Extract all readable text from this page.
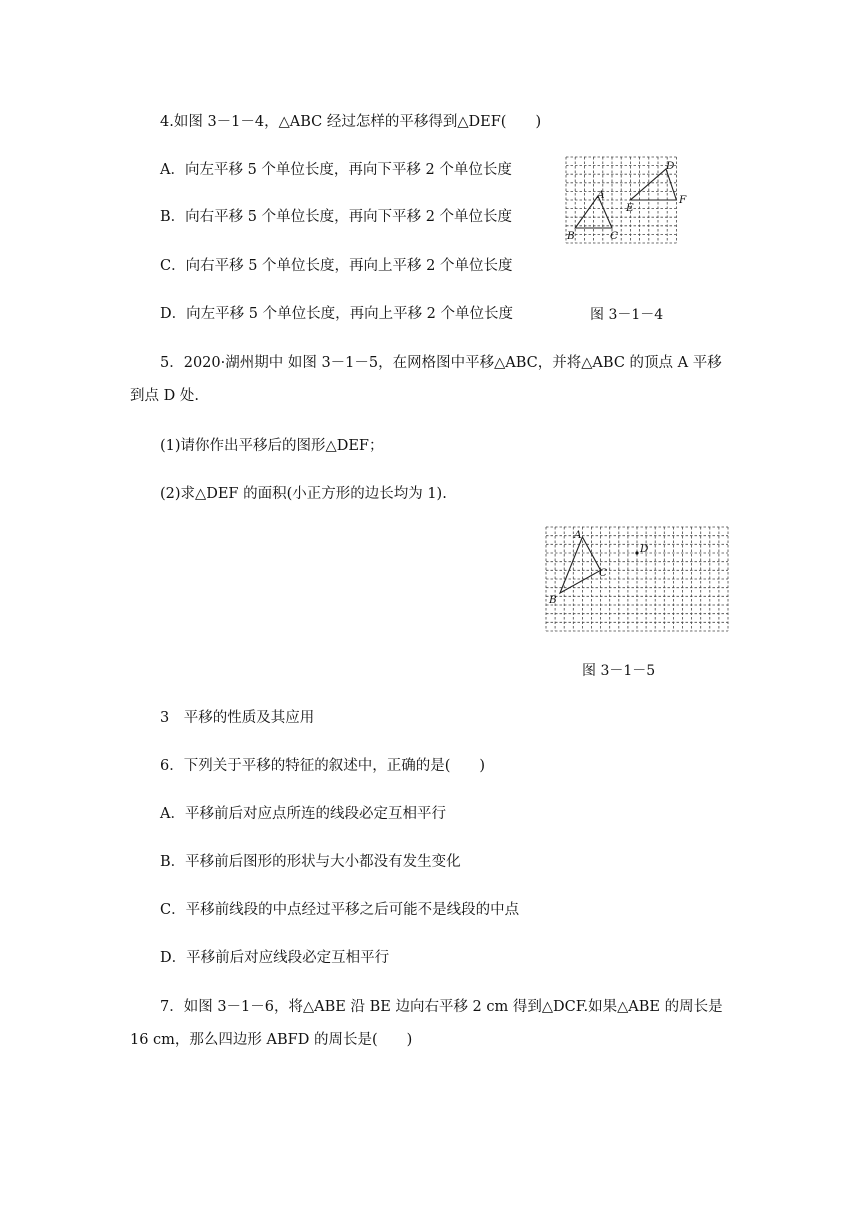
4.如图 3－1－4，△ABC 经过怎样的平移得到△DEF(　　)
A．向左平移 5 个单位长度，再向下平移 2 个单位长度
B．向右平移 5 个单位长度，再向下平移 2 个单位长度
C．向右平移 5 个单位长度，再向上平移 2 个单位长度
D．向左平移 5 个单位长度，再向上平移 2 个单位长度
A
B	C
D
E
F
图 3－1－4
5．2020·湖州期中 如图 3－1－5，在网格图中平移△ABC，并将△ABC 的顶点 A 平移
到点 D 处.
(1)请你作出平移后的图形△DEF；
(2)求△DEF 的面积(小正方形的边长均为 1).
A
B
C
D
图 3－1－5
3　平移的性质及其应用
6．下列关于平移的特征的叙述中，正确的是(　　)
A．平移前后对应点所连的线段必定互相平行
B．平移前后图形的形状与大小都没有发生变化
C．平移前线段的中点经过平移之后可能不是线段的中点
D．平移前后对应线段必定互相平行
7．如图 3－1－6，将△ABE 沿 BE 边向右平移 2 cm 得到△DCF.如果△ABE 的周长是
16 cm，那么四边形 ABFD 的周长是(　　)
